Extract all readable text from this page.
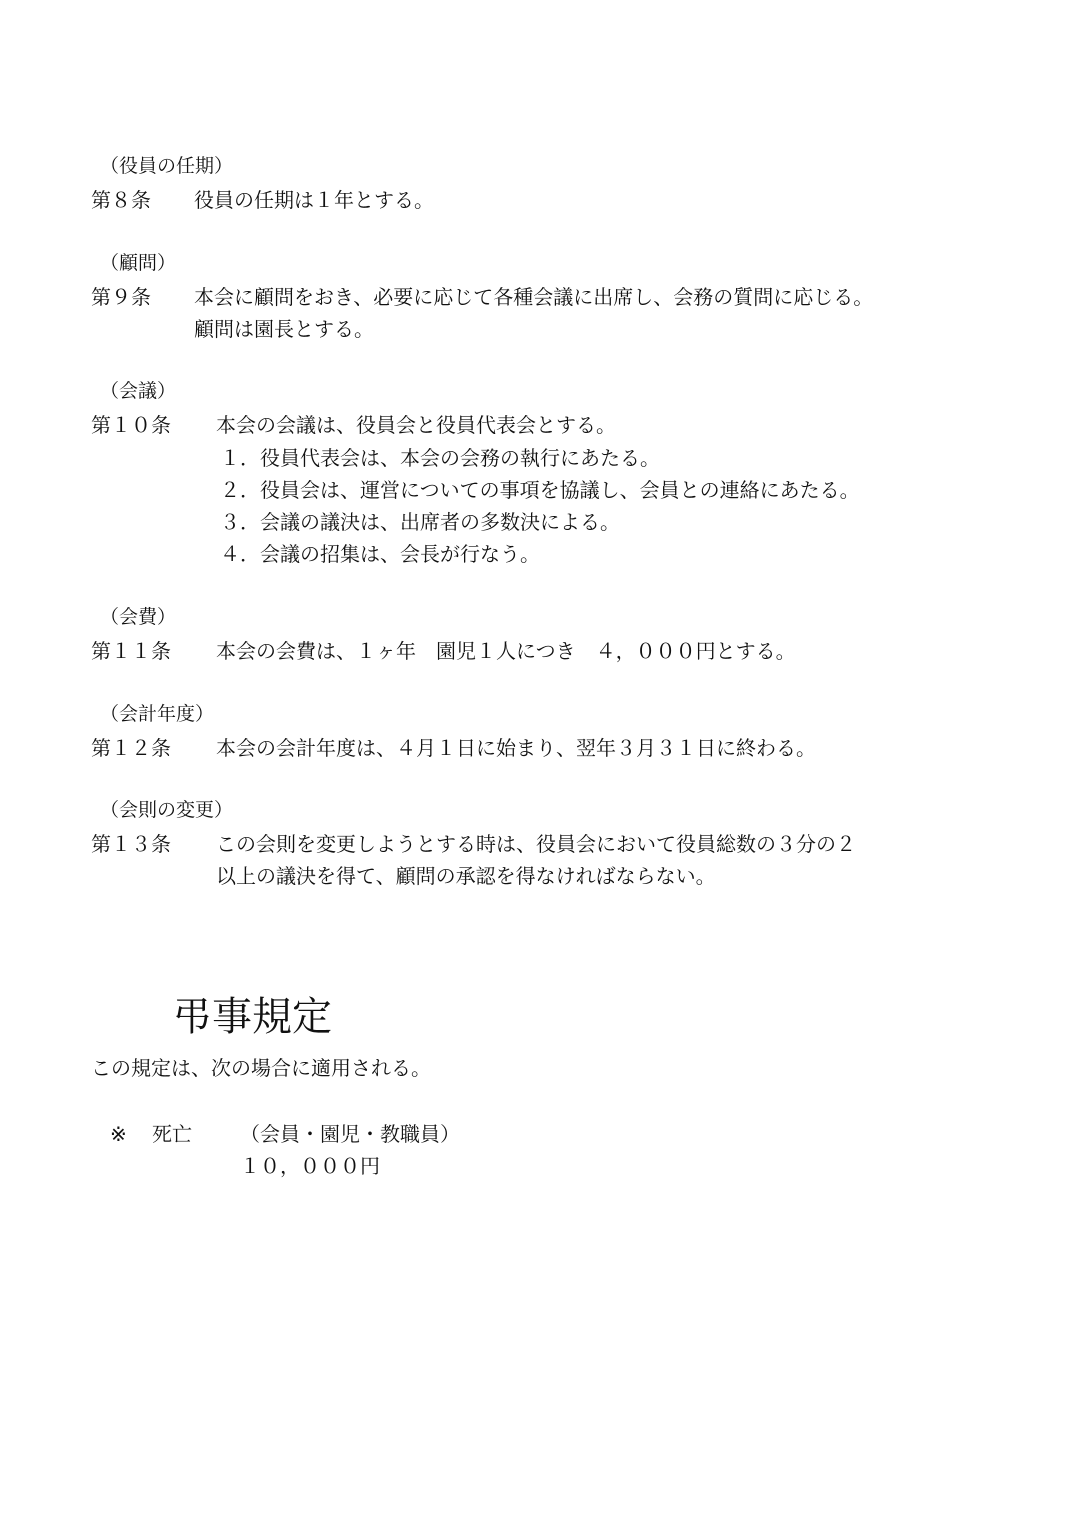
（役員の任期）
第８条 役員の任期は１年とする。
（顧問）
第９条 本会に顧問をおき、必要に応じて各種会議に出席し、会務の質問に応じる。
顧問は園長とする。
（会議）
第１０条 本会の会議は、役員会と役員代表会とする。
１．役員代表会は、本会の会務の執行にあたる。
２．役員会は、運営についての事項を協議し、会員との連絡にあたる。
３．会議の議決は、出席者の多数決による。
４．会議の招集は、会長が行なう。
（会費）
第１１条 本会の会費は、１ヶ年　園児１人につき　４，０００円とする。
（会計年度）
第１２条 本会の会計年度は、４月１日に始まり、翌年３月３１日に終わる。
（会則の変更）
第１３条 この会則を変更しようとする時は、役員会において役員総数の３分の２
以上の議決を得て、顧問の承認を得なければならない。
弔事規定
この規定は、次の場合に適用される。
※ 死亡 （会員・園児・教職員）
１０，０００円
